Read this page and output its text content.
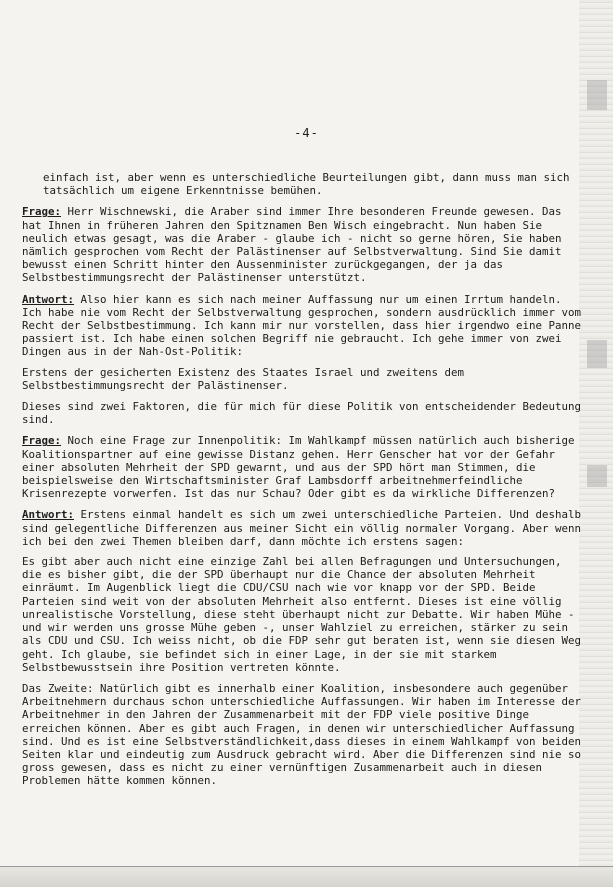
-4-

einfach ist, aber wenn es unterschiedliche Beurteilungen gibt, dann muss man sich tatsächlich um eigene Erkenntnisse bemühen.

Frage: Herr Wischnewski, die Araber sind immer Ihre besonderen Freunde gewesen. Das hat Ihnen in früheren Jahren den Spitznamen Ben Wisch eingebracht. Nun haben Sie neulich etwas gesagt, was die Araber - glaube ich - nicht so gerne hören, Sie haben nämlich gesprochen vom Recht der Palästinenser auf Selbstverwaltung. Sind Sie damit bewusst einen Schritt hinter den Aussenminister zurückgegangen, der ja das Selbstbestimmungsrecht der Palästinenser unterstützt.

Antwort: Also hier kann es sich nach meiner Auffassung nur um einen Irrtum handeln. Ich habe nie vom Recht der Selbstverwaltung gesprochen, sondern ausdrücklich immer vom Recht der Selbstbestimmung. Ich kann mir nur vorstellen, dass hier irgendwo eine Panne passiert ist. Ich habe einen solchen Begriff nie gebraucht. Ich gehe immer von zwei Dingen aus in der Nah-Ost-Politik:

Erstens der gesicherten Existenz des Staates Israel und zweitens dem Selbstbestimmungsrecht der Palästinenser.

Dieses sind zwei Faktoren, die für mich für diese Politik von entscheidender Bedeutung sind.

Frage: Noch eine Frage zur Innenpolitik: Im Wahlkampf müssen natürlich auch bisherige Koalitionspartner auf eine gewisse Distanz gehen. Herr Genscher hat vor der Gefahr einer absoluten Mehrheit der SPD gewarnt, und aus der SPD hört man Stimmen, die beispielsweise den Wirtschaftsminister Graf Lambsdorff arbeitnehmerfeindliche Krisenrezepte vorwerfen. Ist das nur Schau? Oder gibt es da wirkliche Differenzen?

Antwort: Erstens einmal handelt es sich um zwei unterschiedliche Parteien. Und deshalb sind gelegentliche Differenzen aus meiner Sicht ein völlig normaler Vorgang. Aber wenn ich bei den zwei Themen bleiben darf, dann möchte ich erstens sagen:

Es gibt aber auch nicht eine einzige Zahl bei allen Befragungen und Untersuchungen, die es bisher gibt, die der SPD überhaupt nur die Chance der absoluten Mehrheit einräumt. Im Augenblick liegt die CDU/CSU nach wie vor knapp vor der SPD. Beide Parteien sind weit von der absoluten Mehrheit also entfernt. Dieses ist eine völlig unrealistische Vorstellung, diese steht überhaupt nicht zur Debatte. Wir haben Mühe - und wir werden uns grosse Mühe geben -, unser Wahlziel zu erreichen, stärker zu sein als CDU und CSU. Ich weiss nicht, ob die FDP sehr gut beraten ist, wenn sie diesen Weg geht. Ich glaube, sie befindet sich in einer Lage, in der sie mit starkem Selbstbewusstsein ihre Position vertreten könnte.

Das Zweite: Natürlich gibt es innerhalb einer Koalition, insbesondere auch gegenüber Arbeitnehmern durchaus schon unterschiedliche Auffassungen. Wir haben im Interesse der Arbeitnehmer in den Jahren der Zusammenarbeit mit der FDP viele positive Dinge erreichen können. Aber es gibt auch Fragen, in denen wir unterschiedlicher Auffassung sind. Und es ist eine Selbstverständlichkeit,dass dieses in einem Wahlkampf von beiden Seiten klar und eindeutig zum Ausdruck gebracht wird. Aber die Differenzen sind nie so gross gewesen, dass es nicht zu einer vernünftigen Zusammenarbeit auch in diesen Problemen hätte kommen können.
